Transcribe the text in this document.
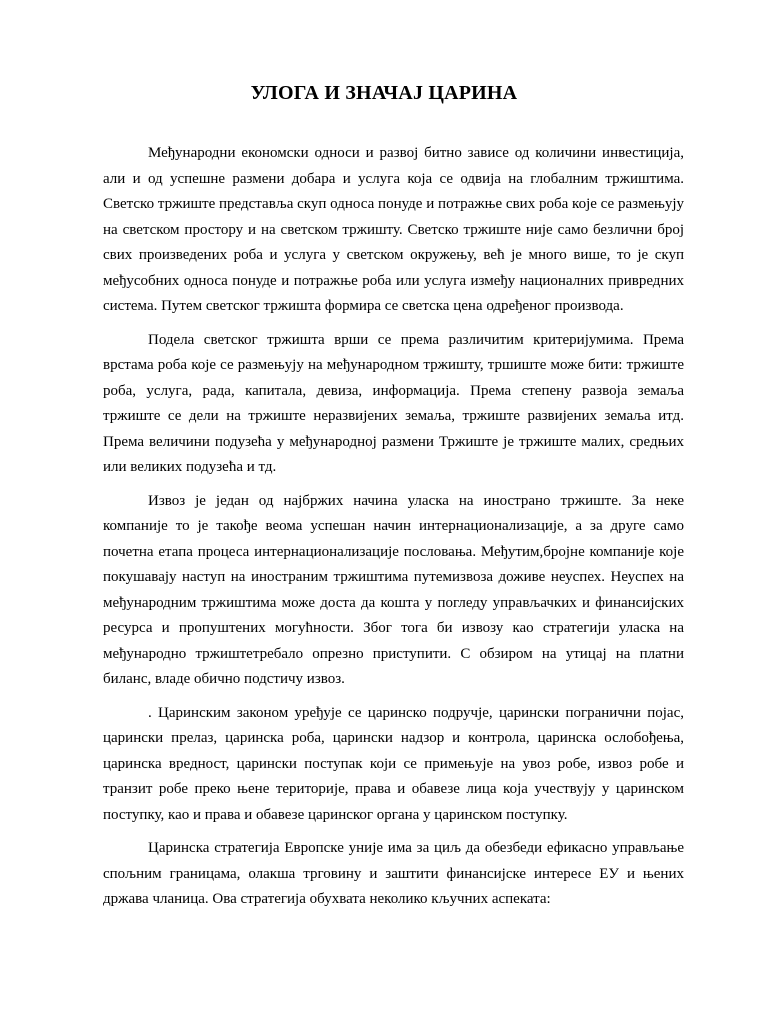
УЛОГА И ЗНАЧАЈ ЦАРИНА

Међународни економски односи и развој битно зависе од количини инвестиција, али и од успешне размени добара и услуга која се одвија на глобалним тржиштима. Светско тржиште представља скуп односа понуде и потражње свих роба које се размењују на светском простору и на светском тржишту. Светско тржиште није само безлични број свих произведених роба и услуга у светском окружењу, већ је много више, то је скуп међусобних односа понуде и потражње роба или услуга између националних привредних система. Путем светског тржишта формира се светска цена одређеног производа.

Подела светског тржишта врши се према различитим критеријумима. Према врстама роба које се размењују на међународном тржишту, тршиште може бити: тржиште роба, услуга, рада, капитала, девиза, информација. Према степену развоја земаља тржиште се дели на тржиште неразвијених земаља, тржиште развијених земаља итд. Према величини подузећа у међународној размени Тржиште је тржиште малих, средњих или великих подузећа и тд.

Извоз је један од најбржих начина уласка на инострано тржиште. За неке компаније то је такође веома успешан начин интернационализације, а за друге само почетна етапа процеса интернационализације пословања. Међутим,бројне компаније које покушавају наступ на иностраним тржиштима путемизвоза доживе неуспех. Неуспех на међународним тржиштима може доста да кошта у погледу управљачких и финансијских ресурса и пропуштених могућности. Због тога би извозу као стратегији уласка на међународно тржиштетребало опрезно приступити. С обзиром на утицај на платни биланс, владе обично подстичу извоз.

. Царинским законом уређује се царинско подручје, царински погранични појас, царински прелаз, царинска роба, царински надзор и контрола, царинска ослобођења, царинска вредност, царински поступак који се примењује на увоз робе, извоз робе и транзит робе преко њене територије, права и обавезе лица која учествују у царинском поступку, као и права и обавезе царинског органа у царинском поступку.

Царинска стратегија Европске уније има за циљ да обезбеди ефикасно управљање спољним границама, олакша трговину и заштити финансијске интересе ЕУ и њених држава чланица. Ова стратегија обухвата неколико кључних аспеката:
